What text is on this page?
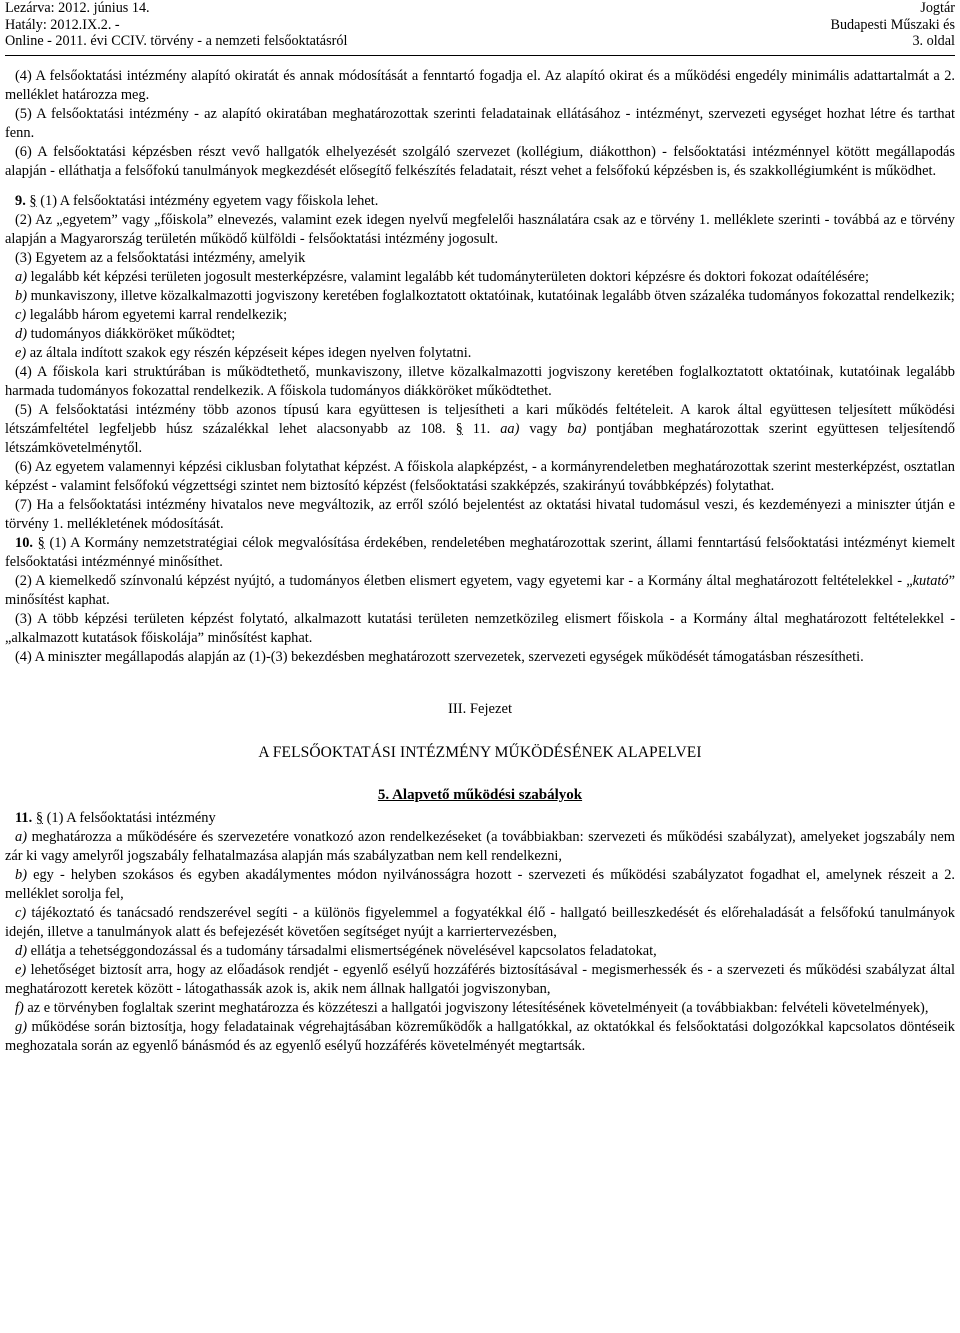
Lezárva: 2012. június 14.
Hatály: 2012.IX.2. -
Online - 2011. évi CCIV. törvény - a nemzeti felsőoktatásról
Jogtár
Budapesti Műszaki és
3. oldal

(4) A felsőoktatási intézmény alapító okiratát és annak módosítását a fenntartó fogadja el. Az alapító okirat és a működési engedély minimális adattartalmát a 2. melléklet határozza meg.

(5) A felsőoktatási intézmény - az alapító okiratában meghatározottak szerinti feladatainak ellátásához - intézményt, szervezeti egységet hozhat létre és tarthat fenn.

(6) A felsőoktatási képzésben részt vevő hallgatók elhelyezését szolgáló szervezet (kollégium, diákotthon) - felsőoktatási intézménnyel kötött megállapodás alapján - elláthatja a felsőfokú tanulmányok megkezdését elősegítő felkészítés feladatait, részt vehet a felsőfokú képzésben is, és szakkollégiumként is működhet.

9. § (1) A felsőoktatási intézmény egyetem vagy főiskola lehet.

(2) Az „egyetem” vagy „főiskola” elnevezés, valamint ezek idegen nyelvű megfelelői használatára csak az e törvény 1. melléklete szerinti - továbbá az e törvény alapján a Magyarország területén működő külföldi - felsőoktatási intézmény jogosult.

(3) Egyetem az a felsőoktatási intézmény, amelyik

a) legalább két képzési területen jogosult mesterképzésre, valamint legalább két tudományterületen doktori képzésre és doktori fokozat odaítélésére;

b) munkaviszony, illetve közalkalmazotti jogviszony keretében foglalkoztatott oktatóinak, kutatóinak legalább ötven százaléka tudományos fokozattal rendelkezik;

c) legalább három egyetemi karral rendelkezik;

d) tudományos diákköröket működtet;

e) az általa indított szakok egy részén képzéseit képes idegen nyelven folytatni.

(4) A főiskola kari struktúrában is működtethető, munkaviszony, illetve közalkalmazotti jogviszony keretében foglalkoztatott oktatóinak, kutatóinak legalább harmada tudományos fokozattal rendelkezik. A főiskola tudományos diákköröket működtethet.

(5) A felsőoktatási intézmény több azonos típusú kara együttesen is teljesítheti a kari működés feltételeit. A karok által együttesen teljesített működési létszámfeltétel legfeljebb húsz százalékkal lehet alacsonyabb az 108. § 11. aa) vagy ba) pontjában meghatározottak szerint együttesen teljesítendő létszámkövetelménytől.

(6) Az egyetem valamennyi képzési ciklusban folytathat képzést. A főiskola alapképzést, - a kormányrendeletben meghatározottak szerint mesterképzést, osztatlan képzést - valamint felsőfokú végzettségi szintet nem biztosító képzést (felsőoktatási szakképzés, szakirányú továbbképzés) folytathat.

(7) Ha a felsőoktatási intézmény hivatalos neve megváltozik, az erről szóló bejelentést az oktatási hivatal tudomásul veszi, és kezdeményezi a miniszter útján e törvény 1. mellékletének módosítását.

10. § (1) A Kormány nemzetstratégiai célok megvalósítása érdekében, rendeletében meghatározottak szerint, állami fenntartású felsőoktatási intézményt kiemelt felsőoktatási intézménnyé minősíthet.

(2) A kiemelkedő színvonalú képzést nyújtó, a tudományos életben elismert egyetem, vagy egyetemi kar - a Kormány által meghatározott feltételekkel - „kutató” minősítést kaphat.

(3) A több képzési területen képzést folytató, alkalmazott kutatási területen nemzetközileg elismert főiskola - a Kormány által meghatározott feltételekkel - „alkalmazott kutatások főiskolája” minősítést kaphat.

(4) A miniszter megállapodás alapján az (1)-(3) bekezdésben meghatározott szervezetek, szervezeti egységek működését támogatásban részesítheti.

III. Fejezet

A FELSŐOKTATÁSI INTÉZMÉNY MŰKÖDÉSÉNEK ALAPELVEI

5. Alapvető működési szabályok

11. § (1) A felsőoktatási intézmény

a) meghatározza a működésére és szervezetére vonatkozó azon rendelkezéseket (a továbbiakban: szervezeti és működési szabályzat), amelyeket jogszabály nem zár ki vagy amelyről jogszabály felhatalmazása alapján más szabályzatban nem kell rendelkezni,

b) egy - helyben szokásos és egyben akadálymentes módon nyilvánosságra hozott - szervezeti és működési szabályzatot fogadhat el, amelynek részeit a 2. melléklet sorolja fel,

c) tájékoztató és tanácsadó rendszerével segíti - a különös figyelemmel a fogyatékkal élő - hallgató beilleszkedését és előrehaladását a felsőfokú tanulmányok idején, illetve a tanulmányok alatt és befejezését követően segítséget nyújt a karriertervezésben,

d) ellátja a tehetséggondozással és a tudomány társadalmi elismertségének növelésével kapcsolatos feladatokat,

e) lehetőséget biztosít arra, hogy az előadások rendjét - egyenlő esélyű hozzáférés biztosításával - megismerhessék és - a szervezeti és működési szabályzat által meghatározott keretek között - látogathassák azok is, akik nem állnak hallgatói jogviszonyban,

f) az e törvényben foglaltak szerint meghatározza és közzéteszi a hallgatói jogviszony létesítésének követelményeit (a továbbiakban: felvételi követelmények),

g) működése során biztosítja, hogy feladatainak végrehajtásában közreműködők a hallgatókkal, az oktatókkal és felsőoktatási dolgozókkal kapcsolatos döntéseik meghozatala során az egyenlő bánásmód és az egyenlő esélyű hozzáférés követelményét megtartsák.
